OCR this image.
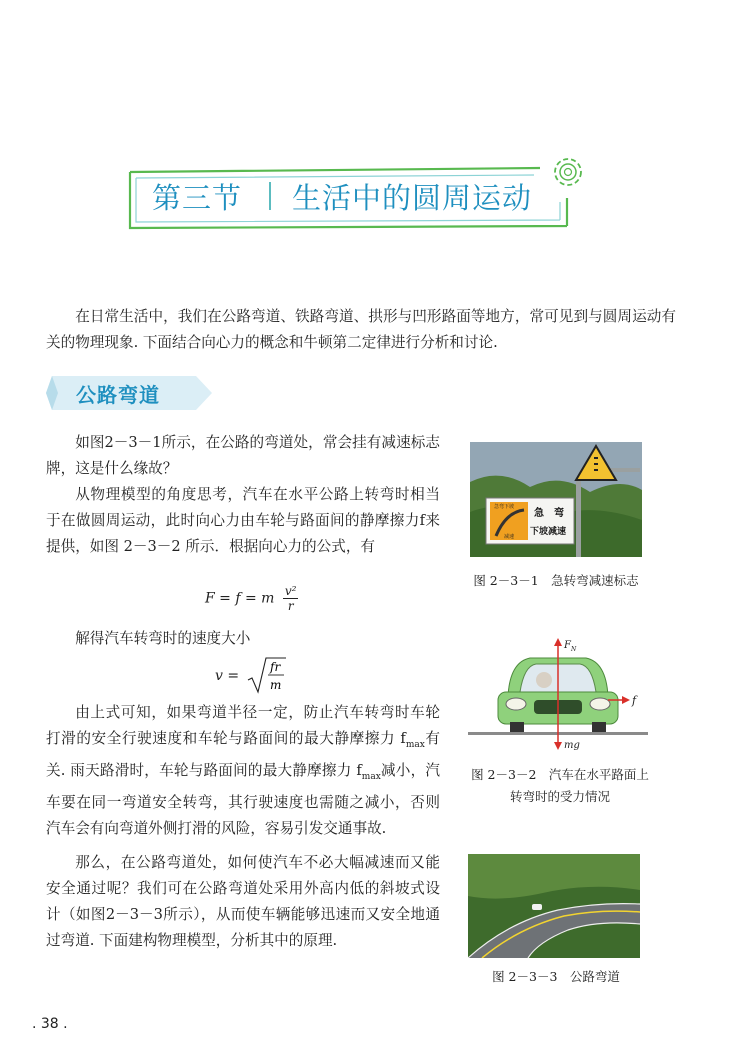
第三节 生活中的圆周运动
在日常生活中，我们在公路弯道、铁路弯道、拱形与凹形路面等地方，常可见到与圆周运动有关的物理现象. 下面结合向心力的概念和牛顿第二定律进行分析和讨论.
公路弯道
如图2－3－1所示，在公路的弯道处，常会挂有减速标志牌，这是什么缘故？
从物理模型的角度思考，汽车在水平公路上转弯时相当于在做圆周运动，此时向心力由车轮与路面间的静摩擦力f来提供，如图 2－3－2 所示．根据向心力的公式，有
F = f = m $\frac{\text{v²}}{r}$
解得汽车转弯时的速度大小
v =
fr
m
由上式可知，如果弯道半径一定，防止汽车转弯时车轮打滑的安全行驶速度和车轮与路面间的最大静摩擦力 $f_{max}$有关. 雨天路滑时，车轮与路面间的最大静摩擦力 $f_{max}$减小，汽车要在同一弯道安全转弯，其行驶速度也需随之减小，否则汽车会有向弯道外侧打滑的风险，容易引发交通事故.
那么，在公路弯道处，如何使汽车不必大幅减速而又能安全通过呢？我们可在公路弯道处采用外高内低的斜坡式设计（如图2－3－3所示），从而使车辆能够迅速而又安全地通过弯道. 下面建构物理模型，分析其中的原理.
急弯下坡
减速
急　弯
下坡减速
图 2－3－1　急转弯减速标志
F N
f
mg
图 2－3－2　汽车在水平路面上
转弯时的受力情况
图 2－3－3　公路弯道
. 38 .
